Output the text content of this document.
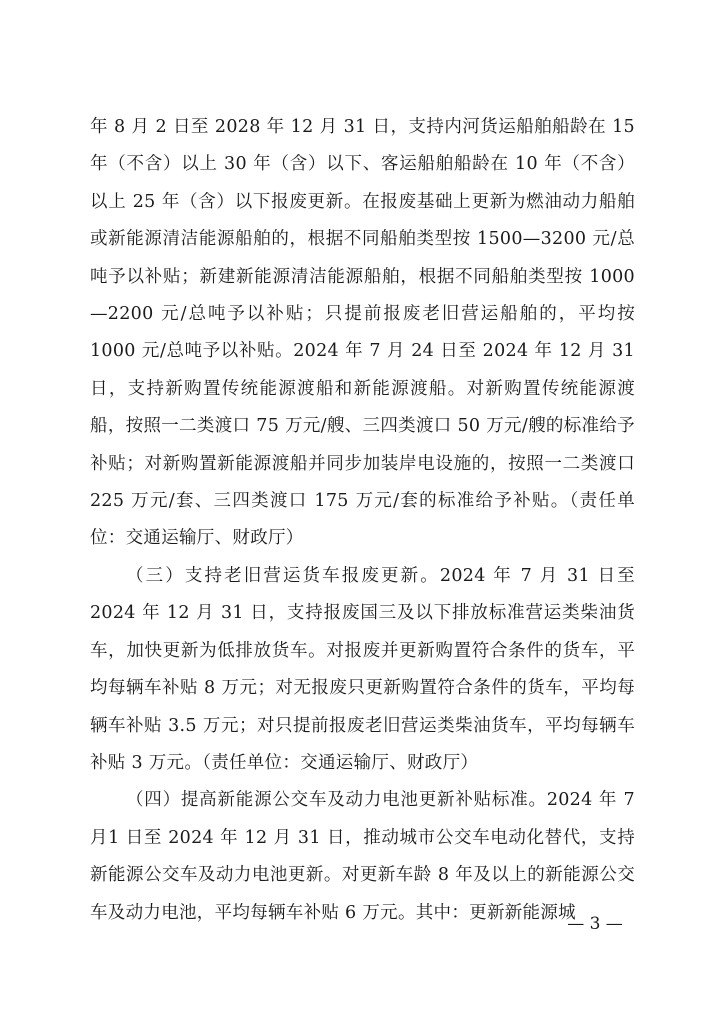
年 8 月 2 日至 2028 年 12 月 31 日，支持内河货运船舶船龄在 15 年（不含）以上 30 年（含）以下、客运船舶船龄在 10 年（不含）以上 25 年（含）以下报废更新。在报废基础上更新为燃油动力船舶或新能源清洁能源船舶的，根据不同船舶类型按 1500—3200 元/总吨予以补贴；新建新能源清洁能源船舶，根据不同船舶类型按 1000—2200 元/总吨予以补贴；只提前报废老旧营运船舶的，平均按 1000 元/总吨予以补贴。2024 年 7 月 24 日至 2024 年 12 月 31 日，支持新购置传统能源渡船和新能源渡船。对新购置传统能源渡船，按照一二类渡口 75 万元/艘、三四类渡口 50 万元/艘的标准给予补贴；对新购置新能源渡船并同步加装岸电设施的，按照一二类渡口 225 万元/套、三四类渡口 175 万元/套的标准给予补贴。（责任单位：交通运输厅、财政厅）

（三）支持老旧营运货车报废更新。2024 年 7 月 31 日至 2024 年 12 月 31 日，支持报废国三及以下排放标准营运类柴油货车，加快更新为低排放货车。对报废并更新购置符合条件的货车，平均每辆车补贴 8 万元；对无报废只更新购置符合条件的货车，平均每辆车补贴 3.5 万元；对只提前报废老旧营运类柴油货车，平均每辆车补贴 3 万元。（责任单位：交通运输厅、财政厅）

（四）提高新能源公交车及动力电池更新补贴标准。2024 年 7月1 日至 2024 年 12 月 31 日，推动城市公交车电动化替代，支持新能源公交车及动力电池更新。对更新车龄 8 年及以上的新能源公交车及动力电池，平均每辆车补贴 6 万元。其中：更新新能源城

— 3 —
